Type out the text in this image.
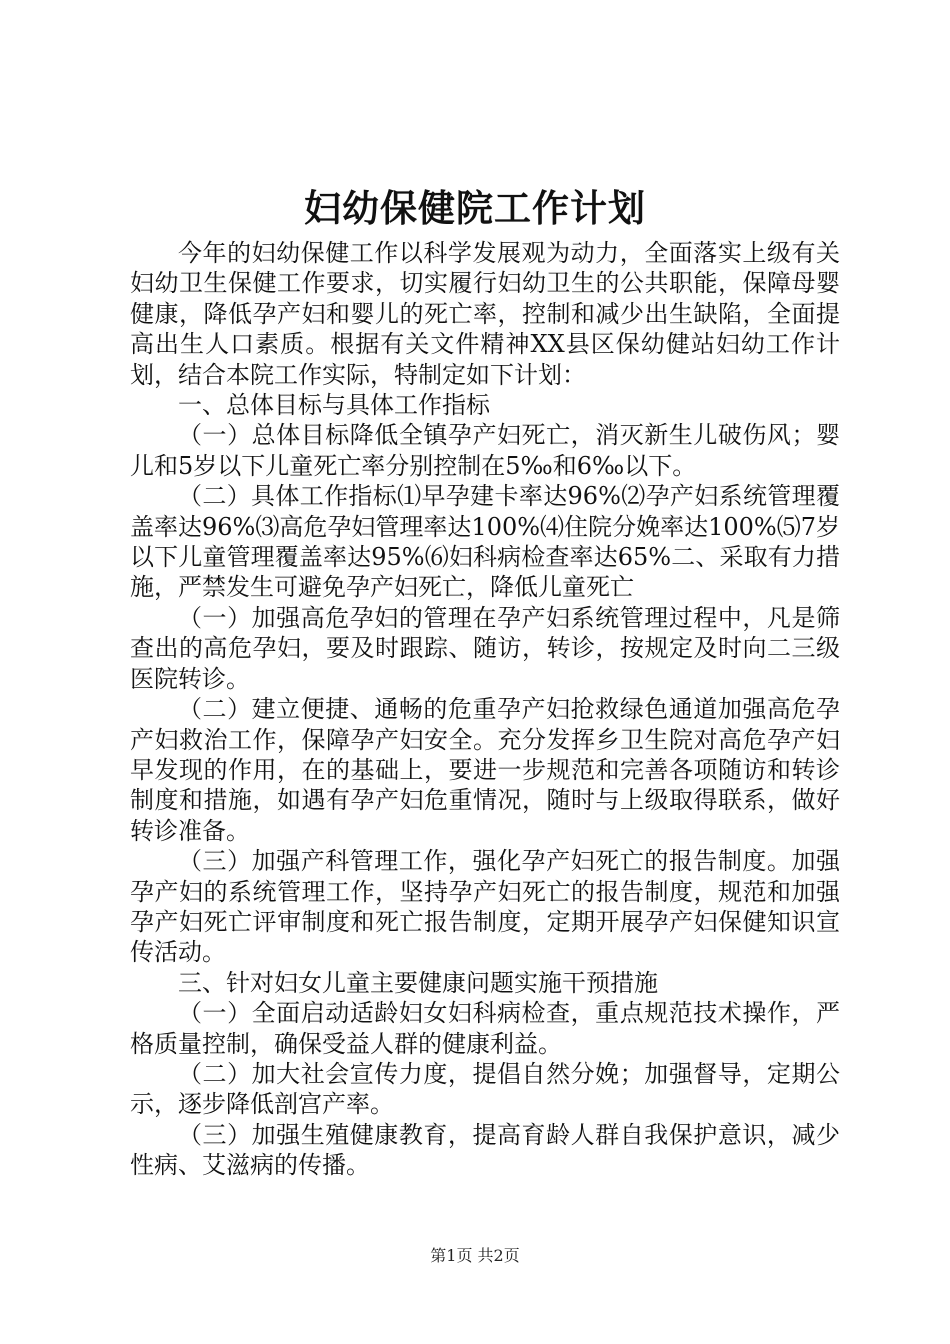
妇幼保健院工作计划

今年的妇幼保健工作以科学发展观为动力，全面落实上级有关妇幼卫生保健工作要求，切实履行妇幼卫生的公共职能，保障母婴健康，降低孕产妇和婴儿的死亡率，控制和减少出生缺陷，全面提高出生人口素质。根据有关文件精神XX县区保幼健站妇幼工作计划，结合本院工作实际，特制定如下计划：

一、总体目标与具体工作指标

（一）总体目标降低全镇孕产妇死亡，消灭新生儿破伤风；婴儿和5岁以下儿童死亡率分别控制在5‰和6‰以下。

（二）具体工作指标⑴早孕建卡率达96%⑵孕产妇系统管理覆盖率达96%⑶高危孕妇管理率达100%⑷住院分娩率达100%⑸7岁以下儿童管理覆盖率达95%⑹妇科病检查率达65%二、采取有力措施，严禁发生可避免孕产妇死亡，降低儿童死亡

（一）加强高危孕妇的管理在孕产妇系统管理过程中，凡是筛查出的高危孕妇，要及时跟踪、随访，转诊，按规定及时向二三级医院转诊。

（二）建立便捷、通畅的危重孕产妇抢救绿色通道加强高危孕产妇救治工作，保障孕产妇安全。充分发挥乡卫生院对高危孕产妇早发现的作用，在的基础上，要进一步规范和完善各项随访和转诊制度和措施，如遇有孕产妇危重情况，随时与上级取得联系，做好转诊准备。

（三）加强产科管理工作，强化孕产妇死亡的报告制度。加强孕产妇的系统管理工作，坚持孕产妇死亡的报告制度，规范和加强孕产妇死亡评审制度和死亡报告制度，定期开展孕产妇保健知识宣传活动。

三、针对妇女儿童主要健康问题实施干预措施

（一）全面启动适龄妇女妇科病检查，重点规范技术操作，严格质量控制，确保受益人群的健康利益。

（二）加大社会宣传力度，提倡自然分娩；加强督导，定期公示，逐步降低剖宫产率。

（三）加强生殖健康教育，提高育龄人群自我保护意识，减少性病、艾滋病的传播。

第1页 共2页
